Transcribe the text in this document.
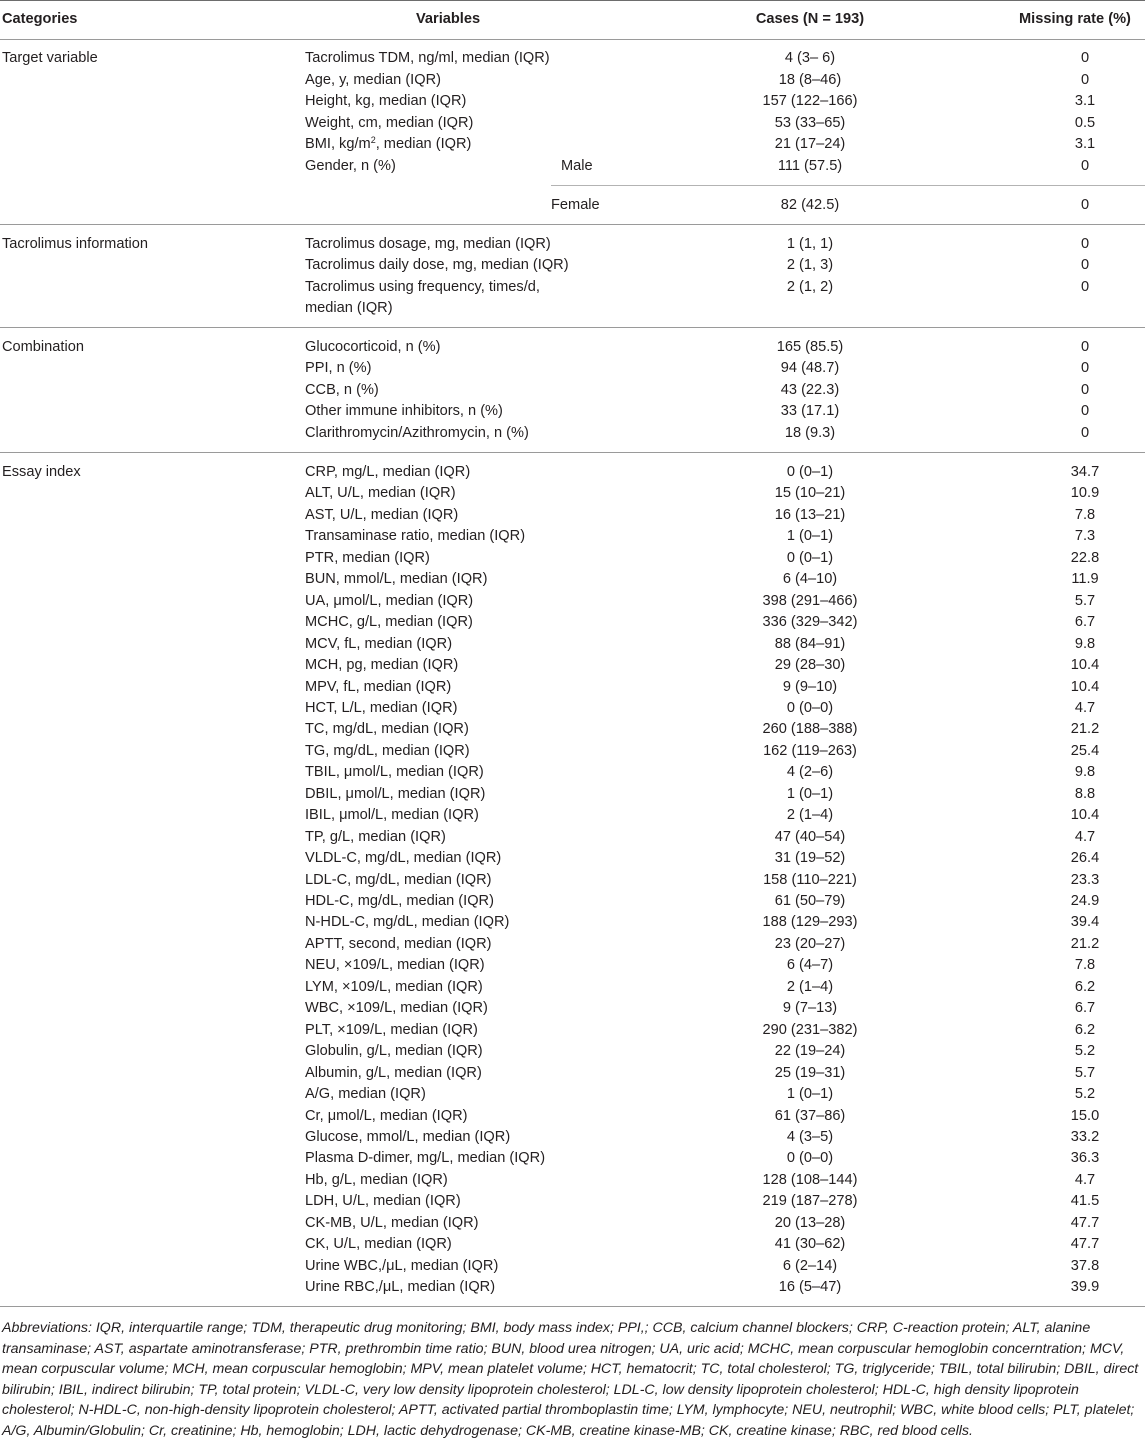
Categories	Variables	Cases (N = 193)	Missing rate (%)
Target variable	Tacrolimus TDM, ng/ml, median (IQR)	4 (3– 6)	0
Age, y, median (IQR)	18 (8–46)	0
Height, kg, median (IQR)	157 (122–166)	3.1
Weight, cm, median (IQR)	53 (33–65)	0.5
BMI, $kg/m^2$, median (IQR)	21 (17–24)	3.1
Gender, n (%)	Male	111 (57.5)	0
Female	82 (42.5)	0
Tacrolimus information	Tacrolimus dosage, mg, median (IQR)	1 (1, 1)	0
Tacrolimus daily dose, mg, median (IQR)	2 (1, 3)	0
Tacrolimus using frequency, times/d,	2 (1, 2)	0
median (IQR)
Combination	Glucocorticoid, n (%)	165 (85.5)	0
PPI, n (%)	94 (48.7)	0
CCB, n (%)	43 (22.3)	0
Other immune inhibitors, n (%)	33 (17.1)	0
Clarithromycin/Azithromycin, n (%)	18 (9.3)	0
Essay index	CRP, mg/L, median (IQR)	0 (0–1)	34.7
ALT, U/L, median (IQR)	15 (10–21)	10.9
AST, U/L, median (IQR)	16 (13–21)	7.8
Transaminase ratio, median (IQR)	1 (0–1)	7.3
PTR, median (IQR)	0 (0–1)	22.8
BUN, mmol/L, median (IQR)	6 (4–10)	11.9
UA, μmol/L, median (IQR)	398 (291–466)	5.7
MCHC, g/L, median (IQR)	336 (329–342)	6.7
MCV, fL, median (IQR)	88 (84–91)	9.8
MCH, pg, median (IQR)	29 (28–30)	10.4
MPV, fL, median (IQR)	9 (9–10)	10.4
HCT, L/L, median (IQR)	0 (0–0)	4.7
TC, mg/dL, median (IQR)	260 (188–388)	21.2
TG, mg/dL, median (IQR)	162 (119–263)	25.4
TBIL, μmol/L, median (IQR)	4 (2–6)	9.8
DBIL, μmol/L, median (IQR)	1 (0–1)	8.8
IBIL, μmol/L, median (IQR)	2 (1–4)	10.4
TP, g/L, median (IQR)	47 (40–54)	4.7
VLDL-C, mg/dL, median (IQR)	31 (19–52)	26.4
LDL-C, mg/dL, median (IQR)	158 (110–221)	23.3
HDL-C, mg/dL, median (IQR)	61 (50–79)	24.9
N-HDL-C, mg/dL, median (IQR)	188 (129–293)	39.4
APTT, second, median (IQR)	23 (20–27)	21.2
NEU, ×109/L, median (IQR)	6 (4–7)	7.8
LYM, ×109/L, median (IQR)	2 (1–4)	6.2
WBC, ×109/L, median (IQR)	9 (7–13)	6.7
PLT, ×109/L, median (IQR)	290 (231–382)	6.2
Globulin, g/L, median (IQR)	22 (19–24)	5.2
Albumin, g/L, median (IQR)	25 (19–31)	5.7
A/G, median (IQR)	1 (0–1)	5.2
Cr, μmol/L, median (IQR)	61 (37–86)	15.0
Glucose, mmol/L, median (IQR)	4 (3–5)	33.2
Plasma D-dimer, mg/L, median (IQR)	0 (0–0)	36.3
Hb, g/L, median (IQR)	128 (108–144)	4.7
LDH, U/L, median (IQR)	219 (187–278)	41.5
CK-MB, U/L, median (IQR)	20 (13–28)	47.7
CK, U/L, median (IQR)	41 (30–62)	47.7
Urine WBC,/μL, median (IQR)	6 (2–14)	37.8
Urine RBC,/μL, median (IQR)	16 (5–47)	39.9
Abbreviations: IQR, interquartile range; TDM, therapeutic drug monitoring; BMI, body mass index; PPI,; CCB, calcium channel blockers; CRP, C-reaction protein; ALT, alanine transaminase; AST, aspartate aminotransferase; PTR, prethrombin time ratio; BUN, blood urea nitrogen; UA, uric acid; MCHC, mean corpuscular hemoglobin concerntration; MCV, mean corpuscular volume; MCH, mean corpuscular hemoglobin; MPV, mean platelet volume; HCT, hematocrit; TC, total cholesterol; TG, triglyceride; TBIL, total bilirubin; DBIL, direct bilirubin; IBIL, indirect bilirubin; TP, total protein; VLDL-C, very low density lipoprotein cholesterol; LDL-C, low density lipoprotein cholesterol; HDL-C, high density lipoprotein cholesterol; N-HDL-C, non-high-density lipoprotein cholesterol; APTT, activated partial thromboplastin time; LYM, lymphocyte; NEU, neutrophil; WBC, white blood cells; PLT, platelet; A/G, Albumin/Globulin; Cr, creatinine; Hb, hemoglobin; LDH, lactic dehydrogenase; CK-MB, creatine kinase-MB; CK, creatine kinase; RBC, red blood cells.
